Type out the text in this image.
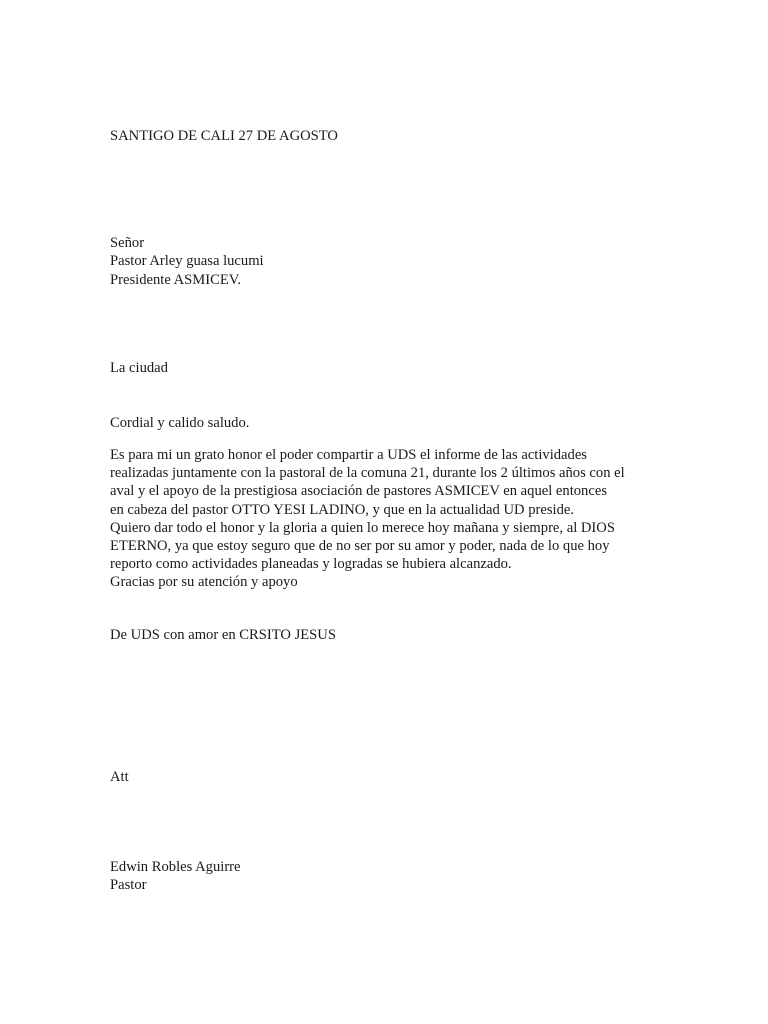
SANTIGO DE CALI 27 DE AGOSTO
Señor
Pastor Arley guasa lucumi
Presidente ASMICEV.
La ciudad
Cordial y calido saludo.
Es para mi un grato honor el poder compartir a UDS el informe de las actividades
realizadas juntamente con la pastoral de la comuna 21, durante los 2 últimos años con el
aval y el apoyo de la prestigiosa asociación de pastores ASMICEV en aquel entonces
en cabeza del pastor OTTO YESI LADINO, y que en la actualidad UD preside.
Quiero dar todo el honor y la gloria a quien lo merece hoy mañana y siempre, al DIOS
ETERNO, ya que estoy seguro que de no ser por su amor y poder, nada de lo que hoy
reporto como actividades planeadas y logradas se hubiera alcanzado.
Gracias por su atención y apoyo
De UDS con amor en CRSITO JESUS
Att
Edwin Robles Aguirre
Pastor
